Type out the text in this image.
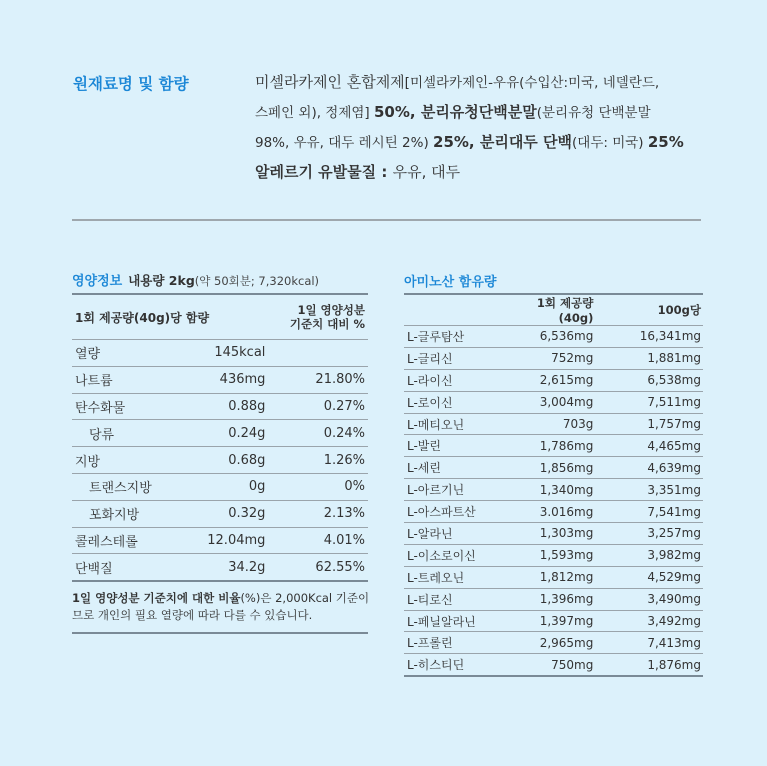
원재료명 및 함량	미셀라카제인 혼합제제[미셀라카제인-우유(수입산:미국, 네델란드,
스페인 외), 정제염] 50%, 분리유청단백분말(분리유청 단백분말
98%, 우유, 대두 레시틴 2%) 25%, 분리대두 단백(대두: 미국) 25%
알레르기 유발물질 : 우유, 대두
영양정보 내용량 2kg(약 50회분; 7,320kcal)
1회 제공량(40g)당 함량		1일 영양성분
기준치 대비 %
열량	145kcal	
나트륨	436mg	21.80%
탄수화물	0.88g	0.27%
당류	0.24g	0.24%
지방	0.68g	1.26%
트랜스지방	0g	0%
포화지방	0.32g	2.13%
콜레스테롤	12.04mg	4.01%
단백질	34.2g	62.55%
1일 영양성분 기준치에 대한 비율(%)은 2,000Kcal 기준이므로 개인의 필요 열량에 따라 다를 수 있습니다.
아미노산 함유량
	1회 제공량(40g)	100g당
L-글루탐산	6,536mg	16,341mg
L-글리신	752mg	1,881mg
L-라이신	2,615mg	6,538mg
L-로이신	3,004mg	7,511mg
L-메티오닌	703g	1,757mg
L-발린	1,786mg	4,465mg
L-세린	1,856mg	4,639mg
L-아르기닌	1,340mg	3,351mg
L-아스파트산	3.016mg	7,541mg
L-알라닌	1,303mg	3,257mg
L-이소로이신	1,593mg	3,982mg
L-트레오닌	1,812mg	4,529mg
L-티로신	1,396mg	3,490mg
L-페닐알라닌	1,397mg	3,492mg
L-프롤린	2,965mg	7,413mg
L-히스티딘	750mg	1,876mg
